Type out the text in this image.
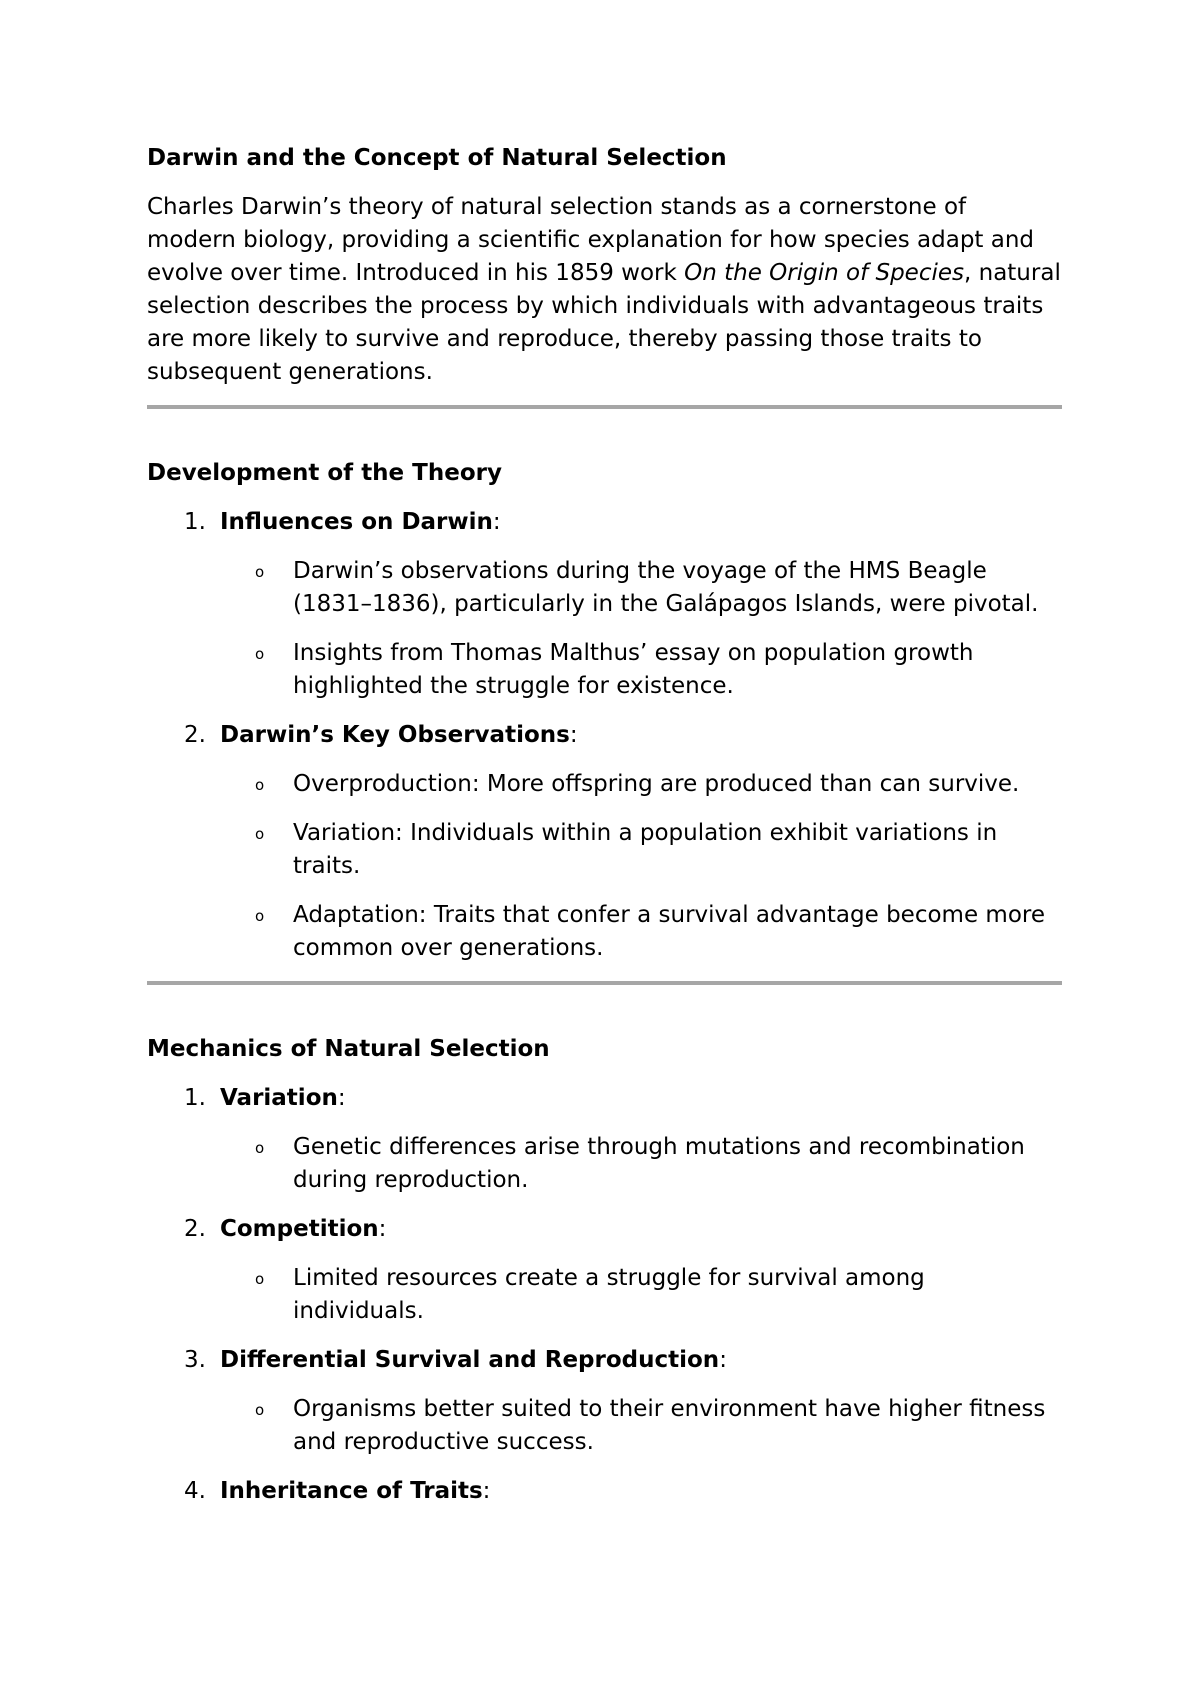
Darwin and the Concept of Natural Selection

Charles Darwin’s theory of natural selection stands as a cornerstone of modern biology, providing a scientific explanation for how species adapt and evolve over time. Introduced in his 1859 work On the Origin of Species, natural selection describes the process by which individuals with advantageous traits are more likely to survive and reproduce, thereby passing those traits to subsequent generations.

Development of the Theory
1. Influences on Darwin:
o Darwin’s observations during the voyage of the HMS Beagle (1831–1836), particularly in the Galápagos Islands, were pivotal.
o Insights from Thomas Malthus’ essay on population growth highlighted the struggle for existence.
2. Darwin’s Key Observations:
o Overproduction: More offspring are produced than can survive.
o Variation: Individuals within a population exhibit variations in traits.
o Adaptation: Traits that confer a survival advantage become more common over generations.
Mechanics of Natural Selection
1. Variation:
o Genetic differences arise through mutations and recombination during reproduction.
2. Competition:
o Limited resources create a struggle for survival among individuals.
3. Differential Survival and Reproduction:
o Organisms better suited to their environment have higher fitness and reproductive success.
4. Inheritance of Traits:
